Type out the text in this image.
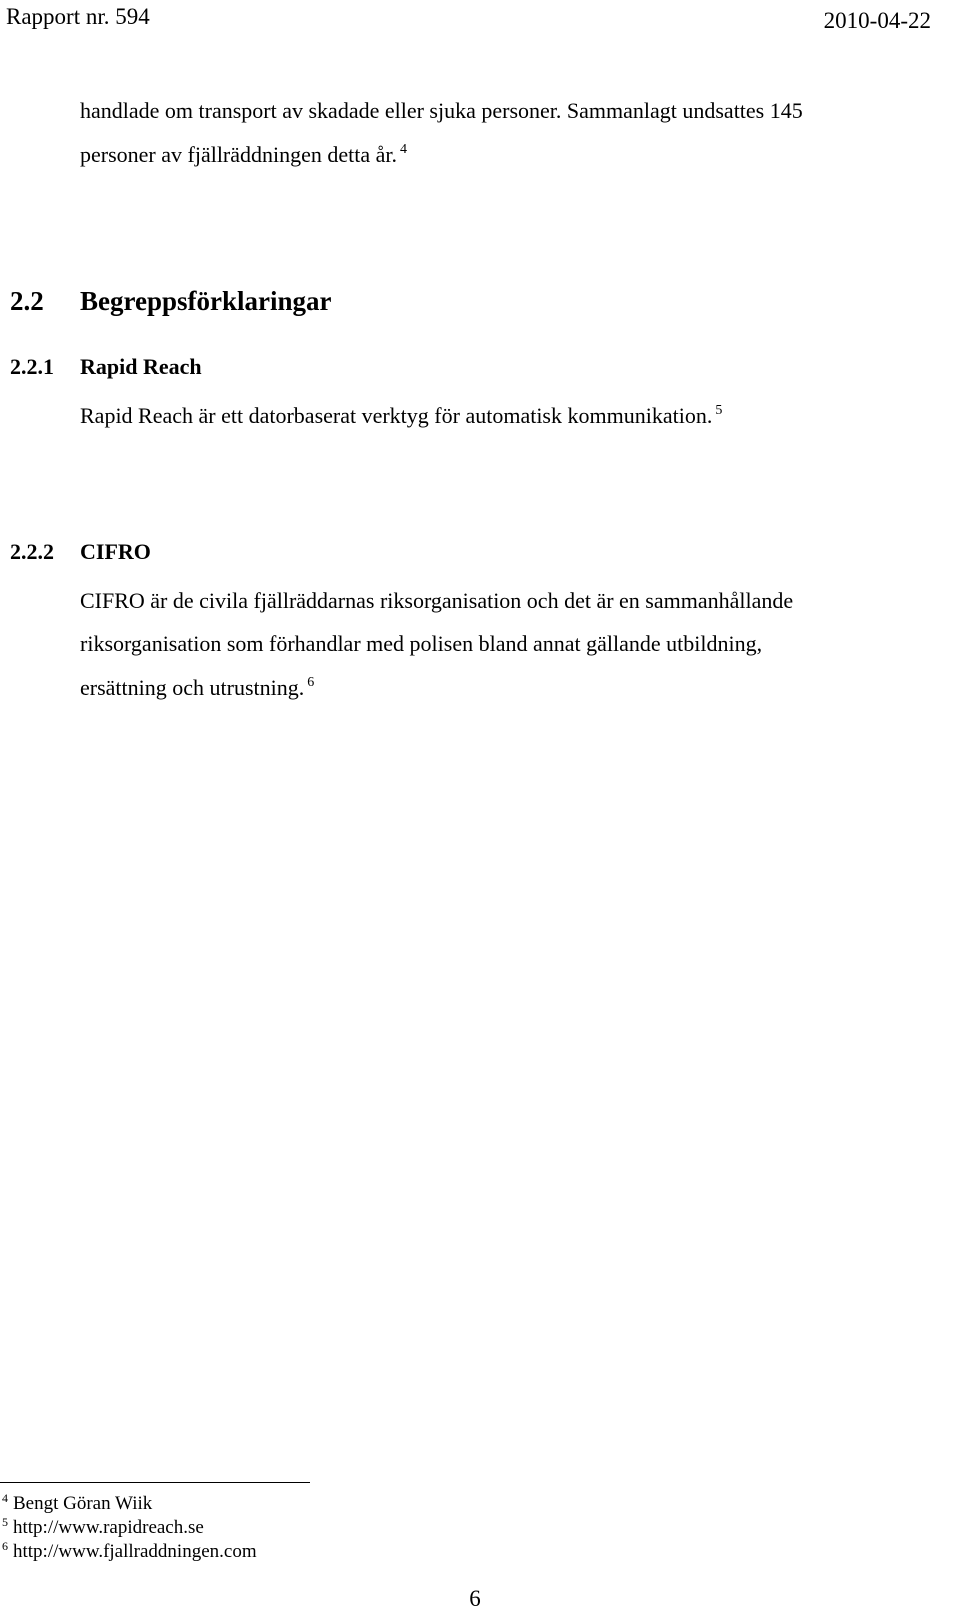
Rapport nr. 594	2010-04-22
handlade om transport av skadade eller sjuka personer. Sammanlagt undsattes 145
personer av fjällräddningen detta år. $^4$
2.2 Begreppsförklaringar
2.2.1 Rapid Reach
Rapid Reach är ett datorbaserat verktyg för automatisk kommunikation. $^5$
2.2.2 CIFRO
CIFRO är de civila fjällräddarnas riksorganisation och det är en sammanhållande
riksorganisation som förhandlar med polisen bland annat gällande utbildning,
ersättning och utrustning. $^6$
$^4$ Bengt Göran Wiik
$^5$ http://www.rapidreach.se
$^6$ http://www.fjallraddningen.com
6
